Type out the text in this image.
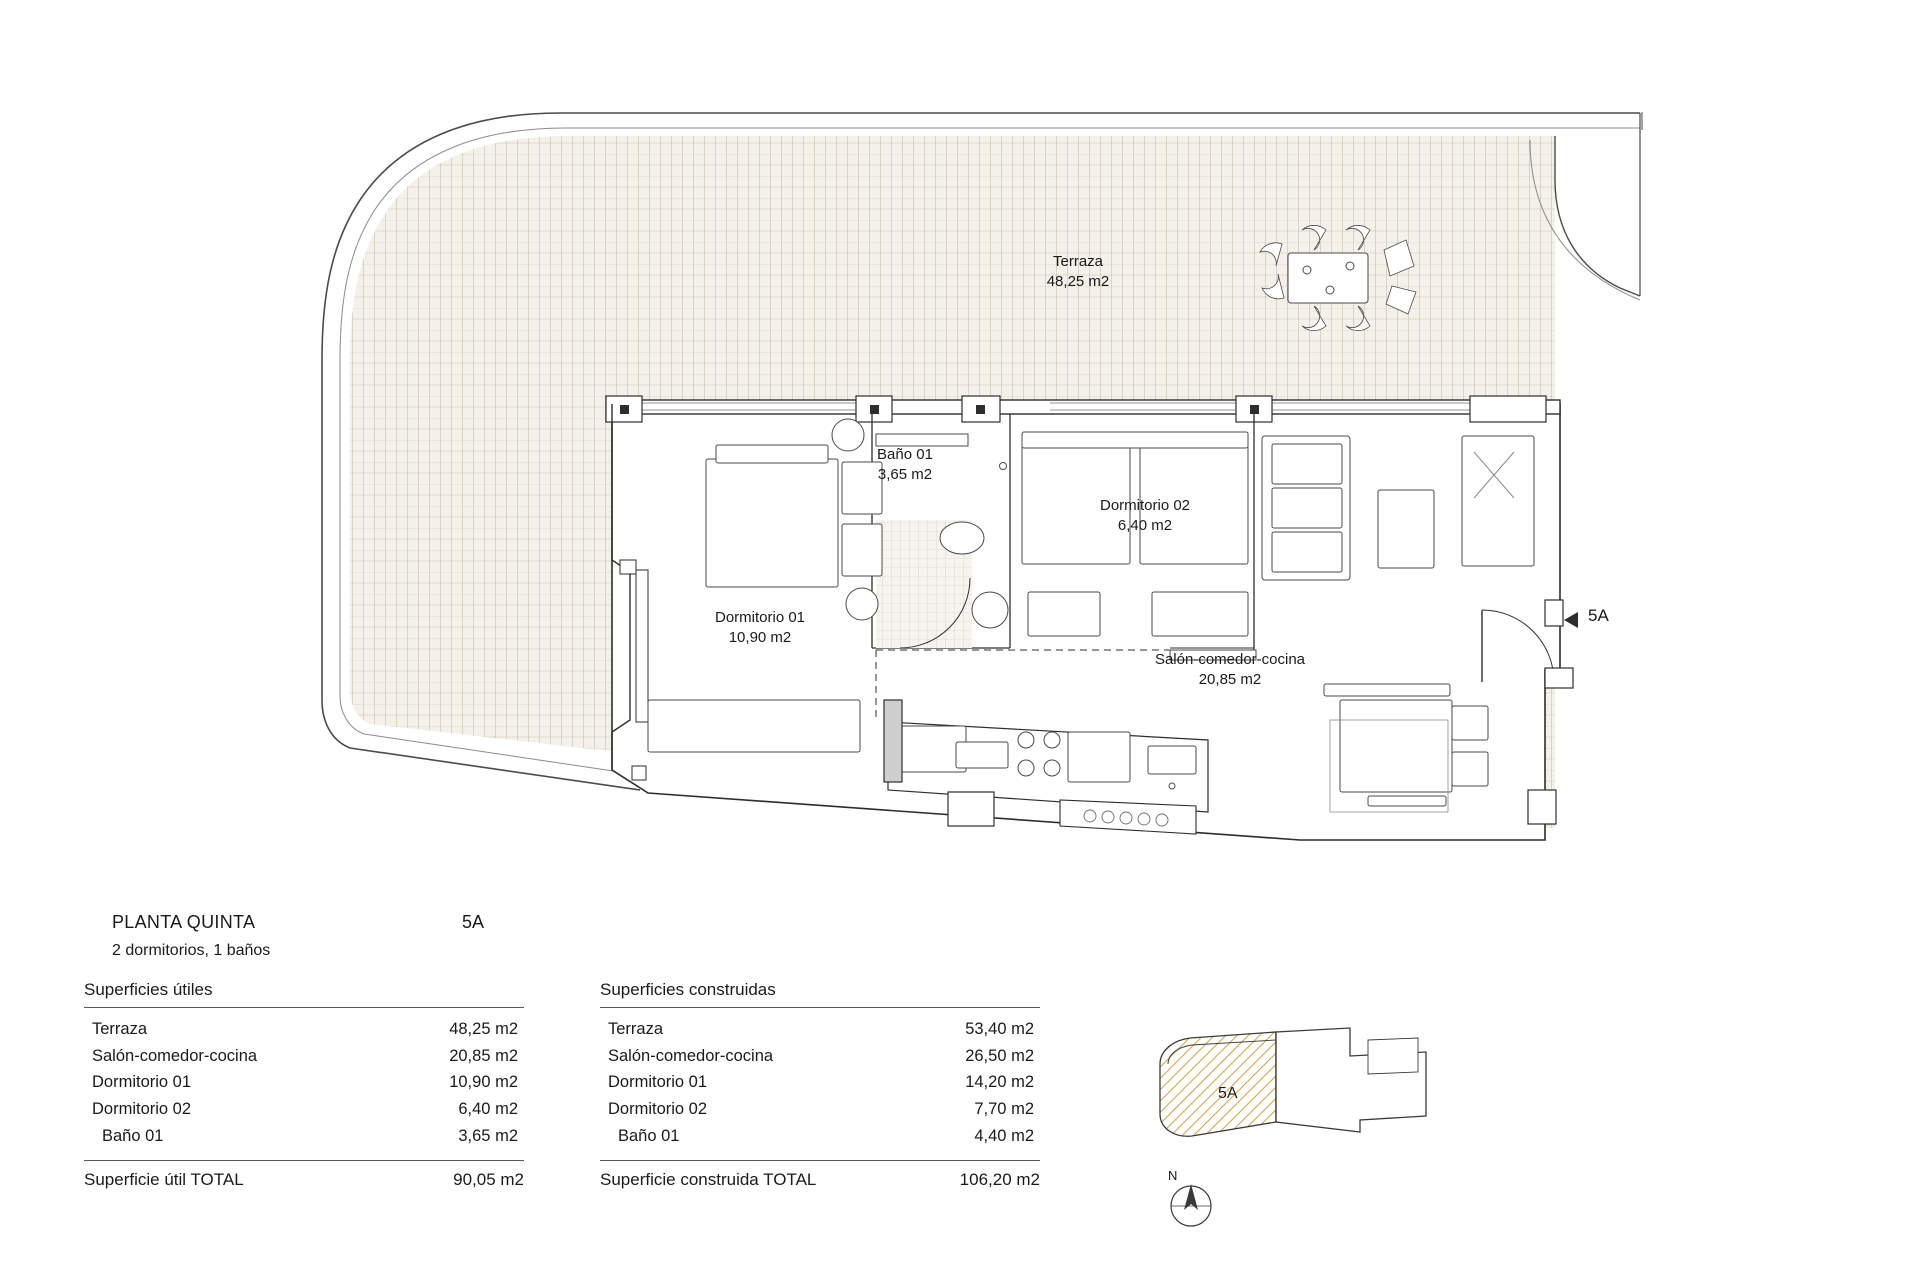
Terraza
48,25 m2
Baño 01
3,65 m2
Dormitorio 02
6,40 m2
Dormitorio 01
10,90 m2
Salón-comedor-cocina
20,85 m2
5A
PLANTA QUINTA	5A
2 dormitorios, 1 baños
Superficies útiles
Terraza	48,25 m2
Salón-comedor-cocina	20,85 m2
Dormitorio 01	10,90 m2
Dormitorio 02	6,40 m2
Baño 01	3,65 m2
Superficie útil TOTAL	90,05 m2
Superficies construidas
Terraza	53,40 m2
Salón-comedor-cocina	26,50 m2
Dormitorio 01	14,20 m2
Dormitorio 02	7,70 m2
Baño 01	4,40 m2
Superficie construida TOTAL	106,20 m2
5A
N
